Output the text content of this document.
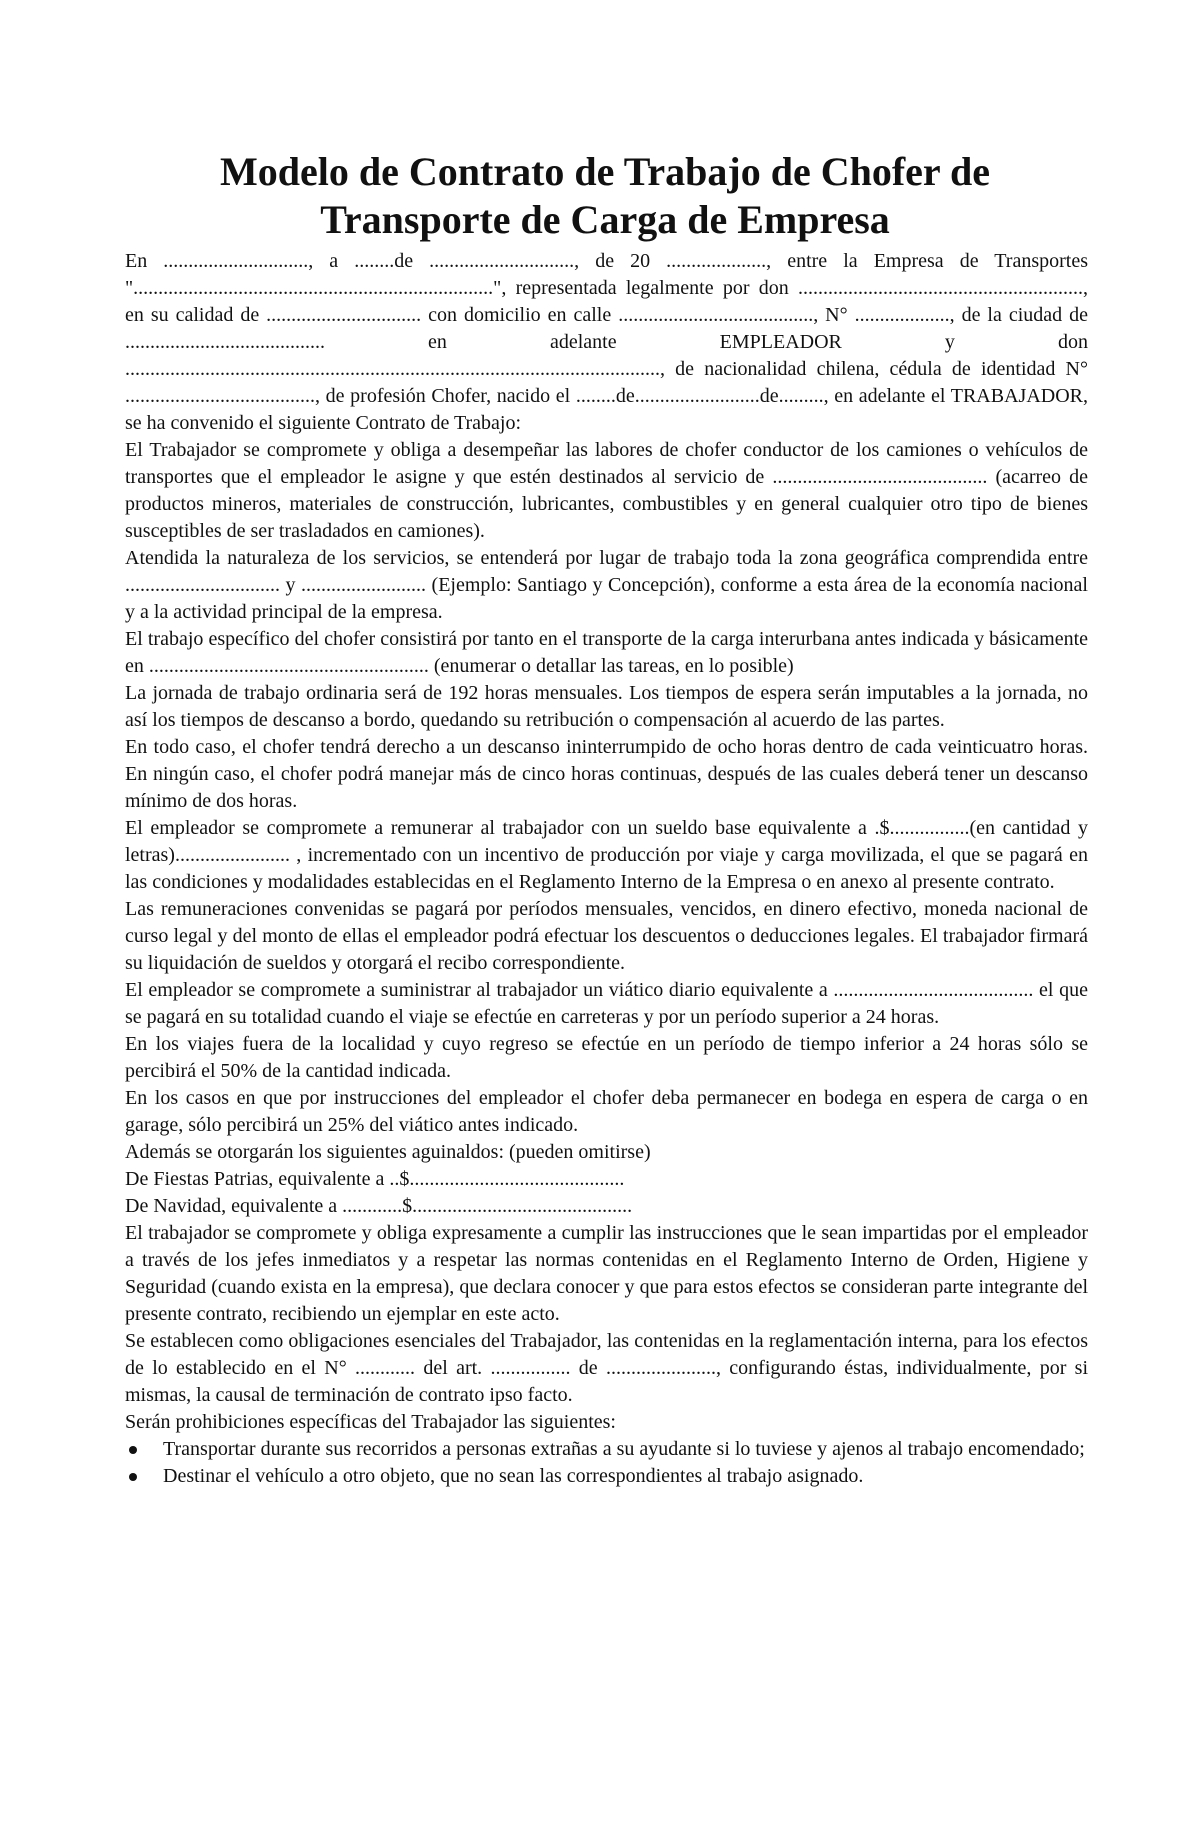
Modelo de Contrato de Trabajo de Chofer de
Transporte de Carga de Empresa

En ............................., a ........de ............................., de 20 ...................., entre la Empresa de Transportes "........................................................................", representada legalmente por don ........................................................., en su calidad de ............................... con domicilio en calle ......................................., N° ..................., de la ciudad de ........................................ en adelante EMPLEADOR y don ..........................................................................................................., de nacionalidad chilena, cédula de identidad N° ......................................, de profesión Chofer, nacido el ........de.........................de........., en adelante el TRABAJADOR, se ha convenido el siguiente Contrato de Trabajo:

El Trabajador se compromete y obliga a desempeñar las labores de chofer conductor de los camiones o vehículos de transportes que el empleador le asigne y que estén destinados al servicio de ........................................... (acarreo de productos mineros, materiales de construcción, lubricantes, combustibles y en general cualquier otro tipo de bienes susceptibles de ser trasladados en camiones).

Atendida la naturaleza de los servicios, se entenderá por lugar de trabajo toda la zona geográfica comprendida entre ............................... y ......................... (Ejemplo: Santiago y Concepción), conforme a esta área de la economía nacional y a la actividad principal de la empresa.

El trabajo específico del chofer consistirá por tanto en el transporte de la carga interurbana antes indicada y básicamente en ........................................................ (enumerar o detallar las tareas, en lo posible)

La jornada de trabajo ordinaria será de 192 horas mensuales. Los tiempos de espera serán imputables a la jornada, no así los tiempos de descanso a bordo, quedando su retribución o compensación al acuerdo de las partes.

En todo caso, el chofer tendrá derecho a un descanso ininterrumpido de ocho horas dentro de cada veinticuatro horas. En ningún caso, el chofer podrá manejar más de cinco horas continuas, después de las cuales deberá tener un descanso mínimo de dos horas.

El empleador se compromete a remunerar al trabajador con un sueldo base equivalente a .$................(en cantidad y letras)....................... , incrementado con un incentivo de producción por viaje y carga movilizada, el que se pagará en las condiciones y modalidades establecidas en el Reglamento Interno de la Empresa o en anexo al presente contrato.

Las remuneraciones convenidas se pagará por períodos mensuales, vencidos, en dinero efectivo, moneda nacional de curso legal y del monto de ellas el empleador podrá efectuar los descuentos o deducciones legales. El trabajador firmará su liquidación de sueldos y otorgará el recibo correspondiente.

El empleador se compromete a suministrar al trabajador un viático diario equivalente a ........................................ el que se pagará en su totalidad cuando el viaje se efectúe en carreteras y por un período superior a 24 horas.

En los viajes fuera de la localidad y cuyo regreso se efectúe en un período de tiempo inferior a 24 horas sólo se percibirá el 50% de la cantidad indicada.

En los casos en que por instrucciones del empleador el chofer deba permanecer en bodega en espera de carga o en garage, sólo percibirá un 25% del viático antes indicado.

Además se otorgarán los siguientes aguinaldos: (pueden omitirse)

De Fiestas Patrias, equivalente a ..$...........................................

De Navidad, equivalente a ............$............................................

El trabajador se compromete y obliga expresamente a cumplir las instrucciones que le sean impartidas por el empleador a través de los jefes inmediatos y a respetar las normas contenidas en el Reglamento Interno de Orden, Higiene y Seguridad (cuando exista en la empresa), que declara conocer y que para estos efectos se consideran parte integrante del presente contrato, recibiendo un ejemplar en este acto.

Se establecen como obligaciones esenciales del Trabajador, las contenidas en la reglamentación interna, para los efectos de lo establecido en el N° ............ del art. ................ de ......................, configurando éstas, individualmente, por si mismas, la causal de terminación de contrato ipso facto.

Serán prohibiciones específicas del Trabajador las siguientes:

Transportar durante sus recorridos a personas extrañas a su ayudante si lo tuviese y ajenos al trabajo encomendado;
Destinar el vehículo a otro objeto, que no sean las correspondientes al trabajo asignado.
